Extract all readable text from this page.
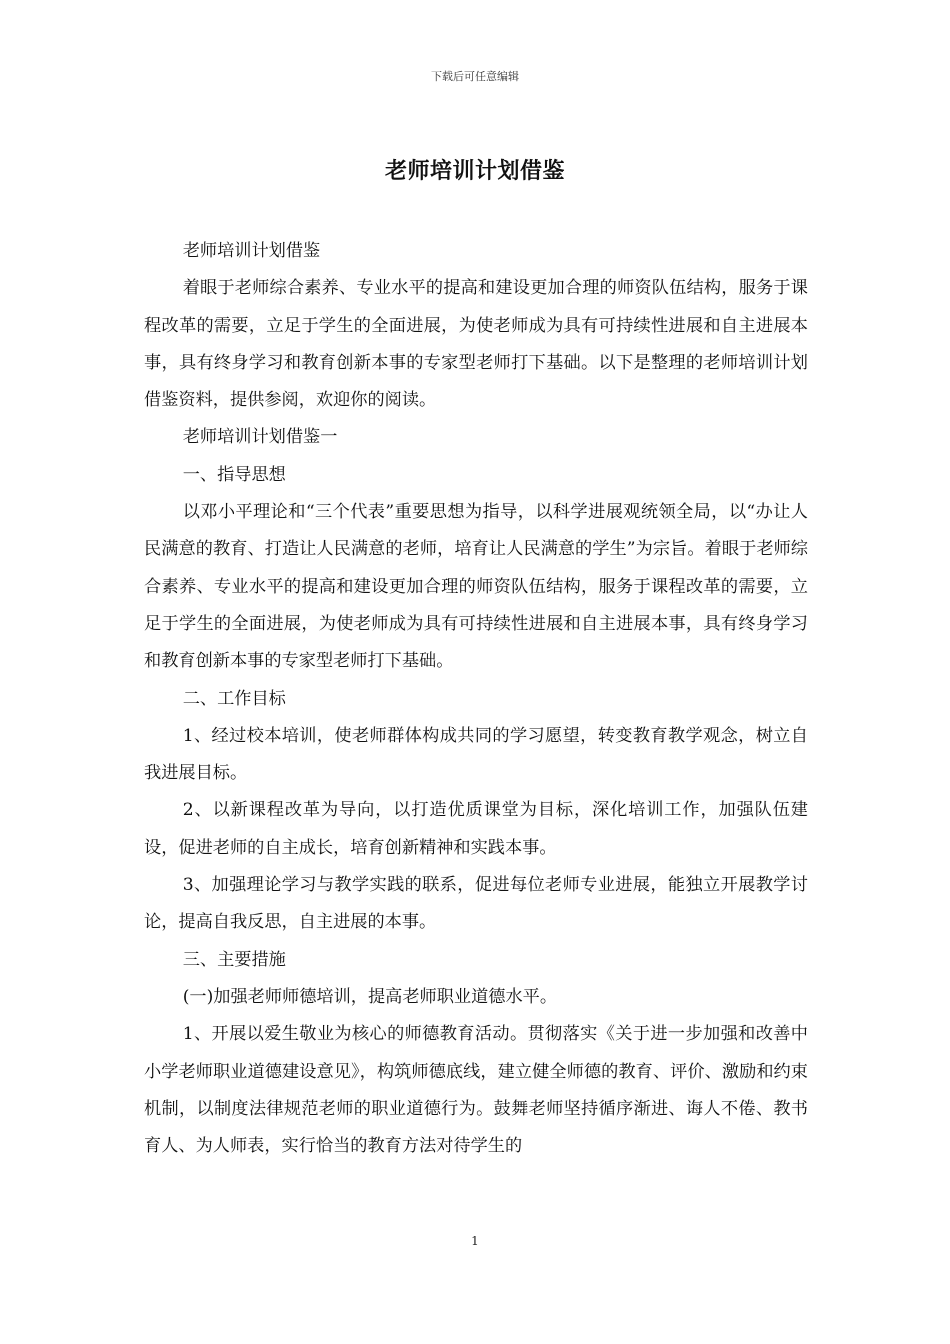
下载后可任意编辑
老师培训计划借鉴

老师培训计划借鉴

着眼于老师综合素养、专业水平的提高和建设更加合理的师资队伍结构，服务于课程改革的需要，立足于学生的全面进展，为使老师成为具有可持续性进展和自主进展本事，具有终身学习和教育创新本事的专家型老师打下基础。以下是整理的老师培训计划借鉴资料，提供参阅，欢迎你的阅读。

老师培训计划借鉴一

一、指导思想

以邓小平理论和“三个代表”重要思想为指导，以科学进展观统领全局，以“办让人民满意的教育、打造让人民满意的老师，培育让人民满意的学生”为宗旨。着眼于老师综合素养、专业水平的提高和建设更加合理的师资队伍结构，服务于课程改革的需要，立足于学生的全面进展，为使老师成为具有可持续性进展和自主进展本事，具有终身学习和教育创新本事的专家型老师打下基础。

二、工作目标

1、经过校本培训，使老师群体构成共同的学习愿望，转变教育教学观念，树立自我进展目标。

2、以新课程改革为导向，以打造优质课堂为目标，深化培训工作，加强队伍建设，促进老师的自主成长，培育创新精神和实践本事。

3、加强理论学习与教学实践的联系，促进每位老师专业进展，能独立开展教学讨论，提高自我反思，自主进展的本事。

三、主要措施

(一)加强老师师德培训，提高老师职业道德水平。

1、开展以爱生敬业为核心的师德教育活动。贯彻落实《关于进一步加强和改善中小学老师职业道德建设意见》，构筑师德底线，建立健全师德的教育、评价、激励和约束机制，以制度法律规范老师的职业道德行为。鼓舞老师坚持循序渐进、诲人不倦、教书育人、为人师表，实行恰当的教育方法对待学生的

1
